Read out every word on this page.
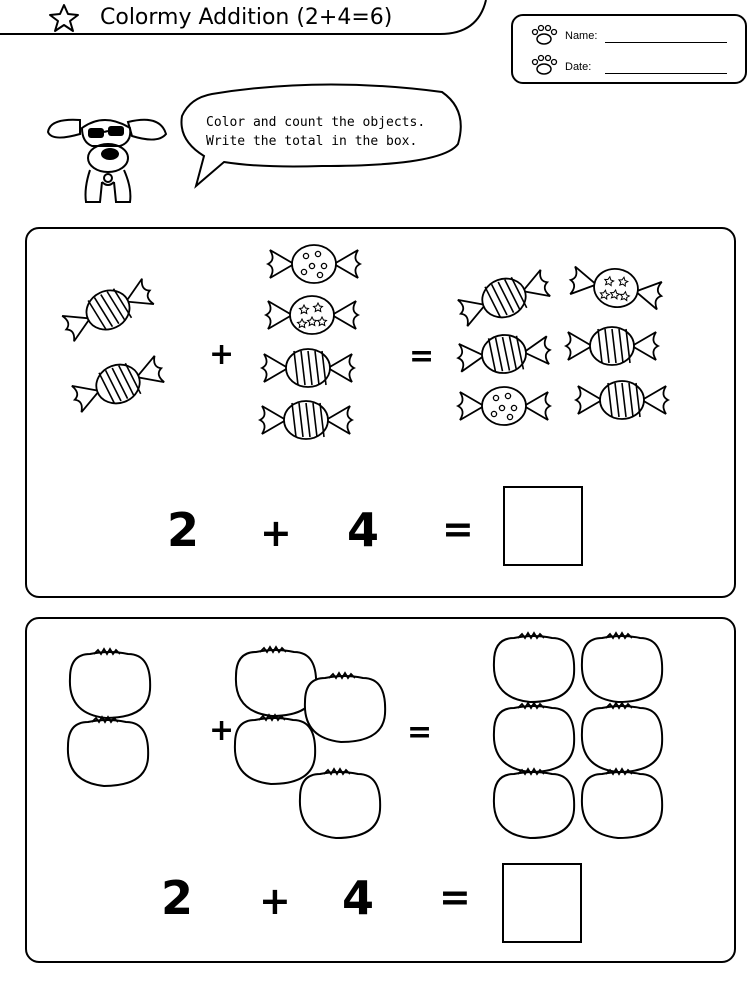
Colormy Addition (2+4=6)
Name:
Date:
Color and count the objects.
Write the total in the box.
+	=
2 + 4 =
+	=
2 + 4 =
